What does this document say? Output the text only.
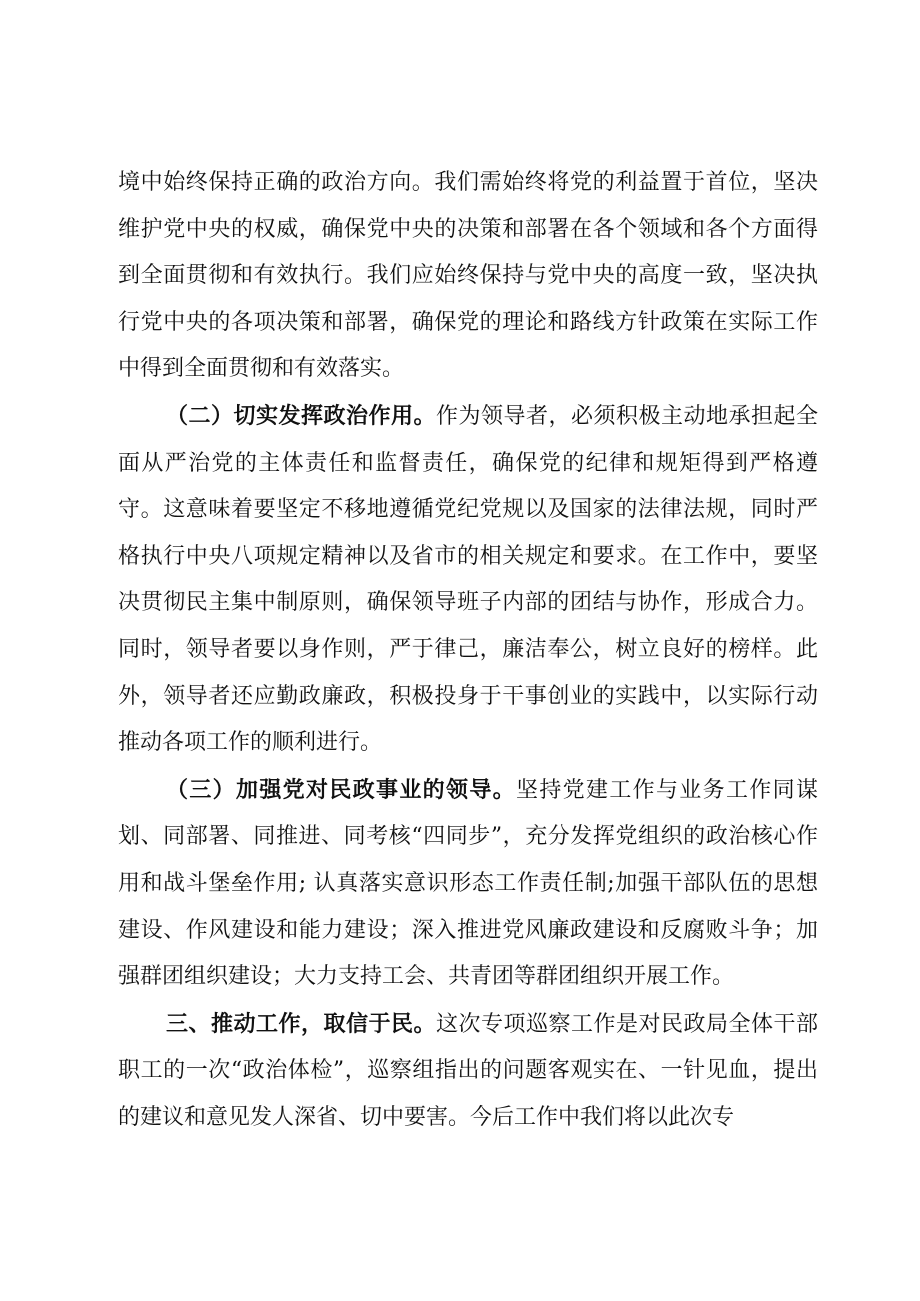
境中始终保持正确的政治方向。我们需始终将党的利益置于首位，坚决维护党中央的权威，确保党中央的决策和部署在各个领域和各个方面得到全面贯彻和有效执行。我们应始终保持与党中央的高度一致，坚决执行党中央的各项决策和部署，确保党的理论和路线方针政策在实际工作中得到全面贯彻和有效落实。

（二）切实发挥政治作用。作为领导者，必须积极主动地承担起全面从严治党的主体责任和监督责任，确保党的纪律和规矩得到严格遵守。这意味着要坚定不移地遵循党纪党规以及国家的法律法规，同时严格执行中央八项规定精神以及省市的相关规定和要求。在工作中，要坚决贯彻民主集中制原则，确保领导班子内部的团结与协作，形成合力。同时，领导者要以身作则，严于律己，廉洁奉公，树立良好的榜样。此外，领导者还应勤政廉政，积极投身于干事创业的实践中，以实际行动推动各项工作的顺利进行。

（三）加强党对民政事业的领导。坚持党建工作与业务工作同谋划、同部署、同推进、同考核“四同步”，充分发挥党组织的政治核心作用和战斗堡垒作用; 认真落实意识形态工作责任制;加强干部队伍的思想建设、作风建设和能力建设；深入推进党风廉政建设和反腐败斗争；加强群团组织建设；大力支持工会、共青团等群团组织开展工作。

三、推动工作，取信于民。这次专项巡察工作是对民政局全体干部职工的一次“政治体检”，巡察组指出的问题客观实在、一针见血，提出的建议和意见发人深省、切中要害。今后工作中我们将以此次专
